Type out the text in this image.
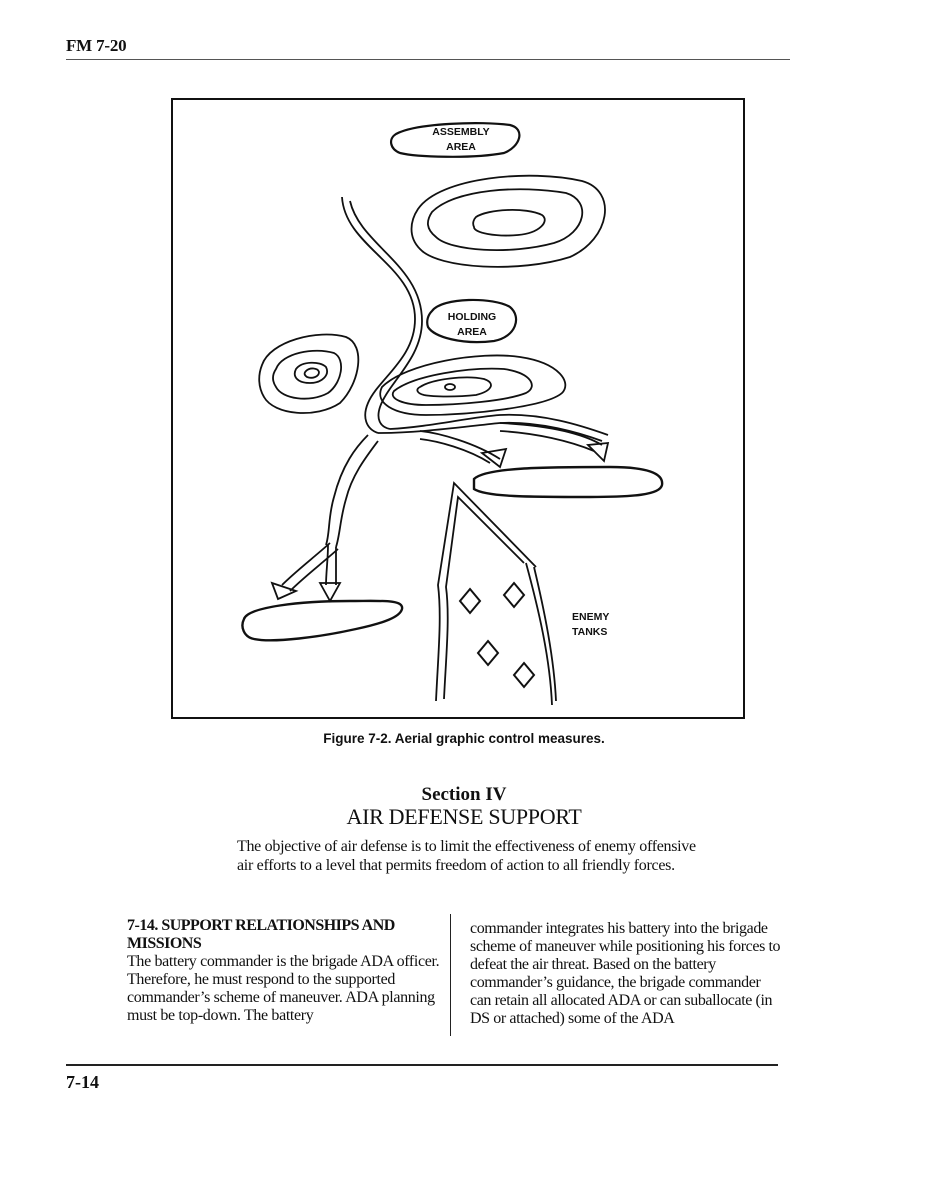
FM 7-20
ASSEMBLY
AREA
HOLDING
AREA
ENEMY
TANKS
Figure 7-2. Aerial graphic control measures.
Section IV
AIR DEFENSE SUPPORT
The objective of air defense is to limit the effectiveness of enemy offensive air efforts to a level that permits freedom of action to all friendly forces.
7-14. SUPPORT RELATIONSHIPS AND MISSIONS
The battery commander is the brigade ADA officer. Therefore, he must respond to the supported commander’s scheme of maneuver. ADA planning must be top-down. The battery
commander integrates his battery into the brigade scheme of maneuver while positioning his forces to defeat the air threat. Based on the battery commander’s guidance, the brigade commander can retain all allocated ADA or can suballocate (in DS or attached) some of the ADA
7-14
